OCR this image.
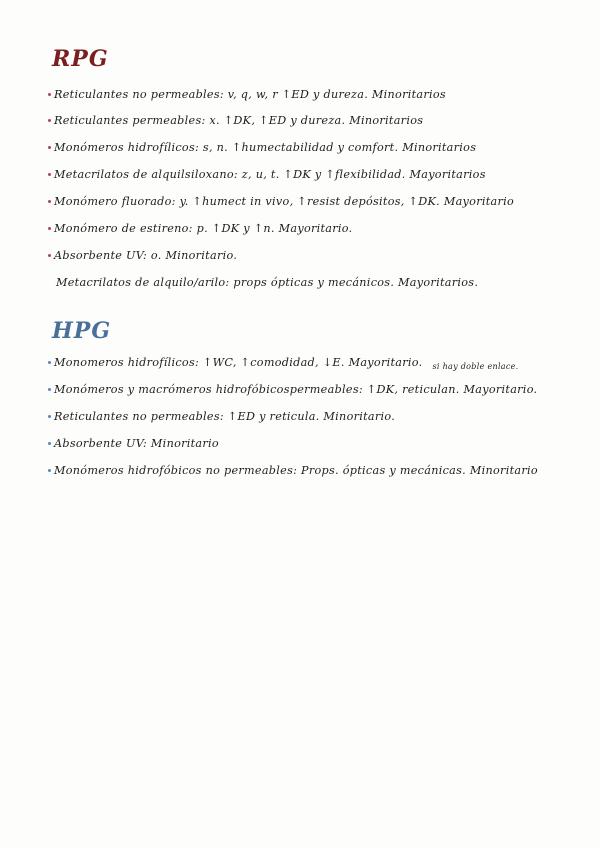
RPG
Reticulantes no permeables: v, q, w, r ↑ED y dureza. Minoritarios
Reticulantes permeables: x. ↑DK, ↑ED y dureza. Minoritarios
Monómeros hidrofílicos: s, n. ↑humectabilidad y comfort. Minoritarios
Metacrilatos de alquilsiloxano: z, u, t. ↑DK y ↑flexibilidad. Mayoritarios
Monómero fluorado: y. ↑humect in vivo, ↑resist depósitos, ↑DK. Mayoritario
Monómero de estireno: p. ↑DK y ↑n. Mayoritario.
Absorbente UV: o. Minoritario.
Metacrilatos de alquilo/arilo: props ópticas y mecánicos. Mayoritarios.
HPG
Monomeros hidrofílicos: ↑WC, ↑comodidad, ↓E. Mayoritario. $_{si hay doble enlace.}$
Monómeros y macrómeros hidrofóbicospermeables: ↑DK, reticulan. Mayoritario.
Reticulantes no permeables: ↑ED y reticula. Minoritario.
Absorbente UV: Minoritario
Monómeros hidrofóbicos no permeables: Props. ópticas y mecánicas. Minoritario
